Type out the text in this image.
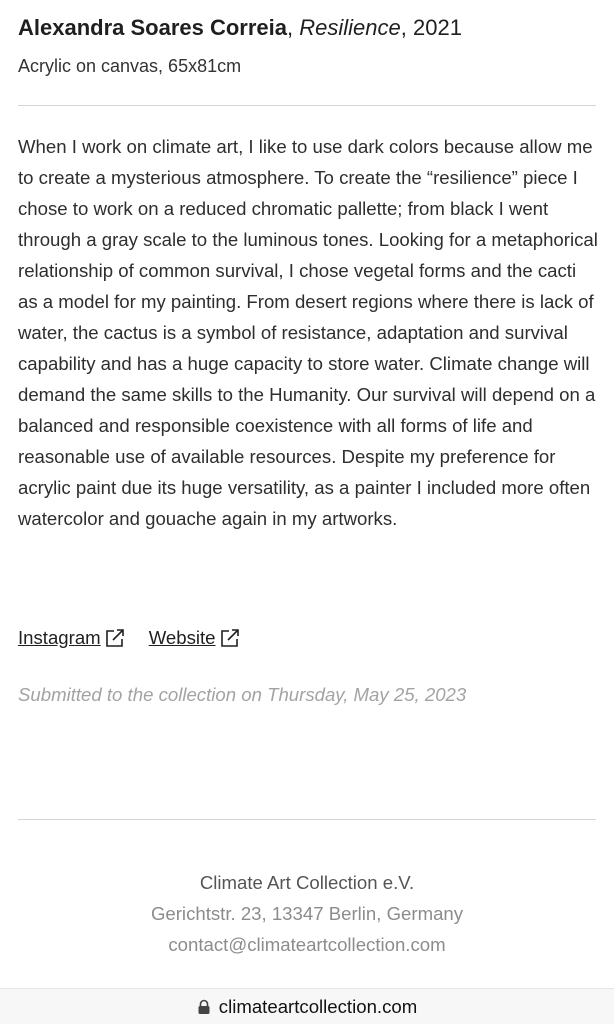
Alexandra Soares Correia, Resilience, 2021
Acrylic on canvas, 65x81cm
When I work on climate art, I like to use dark colors because allow me to create a mysterious atmosphere. To create the “resilience” piece I chose to work on a reduced chromatic pallette; from black I went through a gray scale to the luminous tones. Looking for a metaphorical relationship of common survival, I chose vegetal forms and the cacti as a model for my painting. From desert regions where there is lack of water, the cactus is a symbol of resistance, adaptation and survival capability and has a huge capacity to store water. Climate change will demand the same skills to the Humanity. Our survival will depend on a balanced and responsible coexistence with all forms of life and reasonable use of available resources. Despite my preference for acrylic paint due its huge versatility, as a painter I included more often watercolor and gouache again in my artworks.
Instagram	Website
Submitted to the collection on Thursday, May 25, 2023
Climate Art Collection e.V.
Gerichtstr. 23, 13347 Berlin, Germany
contact@climateartcollection.com
climateartcollection.com
